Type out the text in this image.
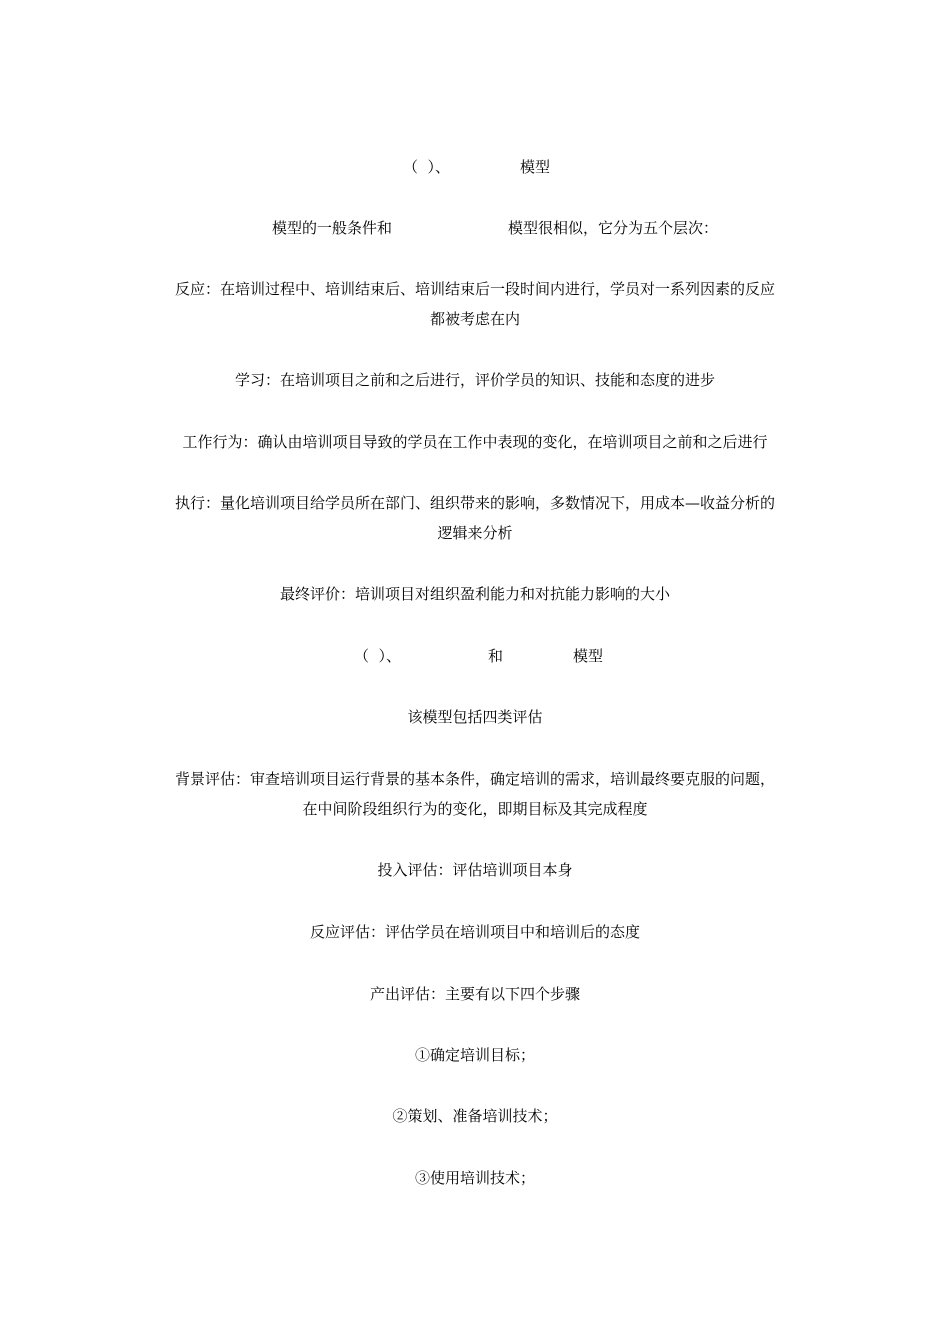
（  ）、	模型
模型的一般条件和	模型很相似，它分为五个层次：
反应：在培训过程中、培训结束后、培训结束后一段时间内进行，学员对一系列因素的反应
都被考虑在内
学习：在培训项目之前和之后进行，评价学员的知识、技能和态度的进步
工作行为：确认由培训项目导致的学员在工作中表现的变化，在培训项目之前和之后进行
执行：量化培训项目给学员所在部门、组织带来的影响，多数情况下，用成本—收益分析的
逻辑来分析
最终评价：培训项目对组织盈利能力和对抗能力影响的大小
（  ）、	和	模型
该模型包括四类评估
背景评估：审查培训项目运行背景的基本条件，确定培训的需求，培训最终要克服的问题，
在中间阶段组织行为的变化，即期目标及其完成程度
投入评估：评估培训项目本身
反应评估：评估学员在培训项目中和培训后的态度
产出评估：主要有以下四个步骤
①确定培训目标；
②策划、准备培训技术；
③使用培训技术；
